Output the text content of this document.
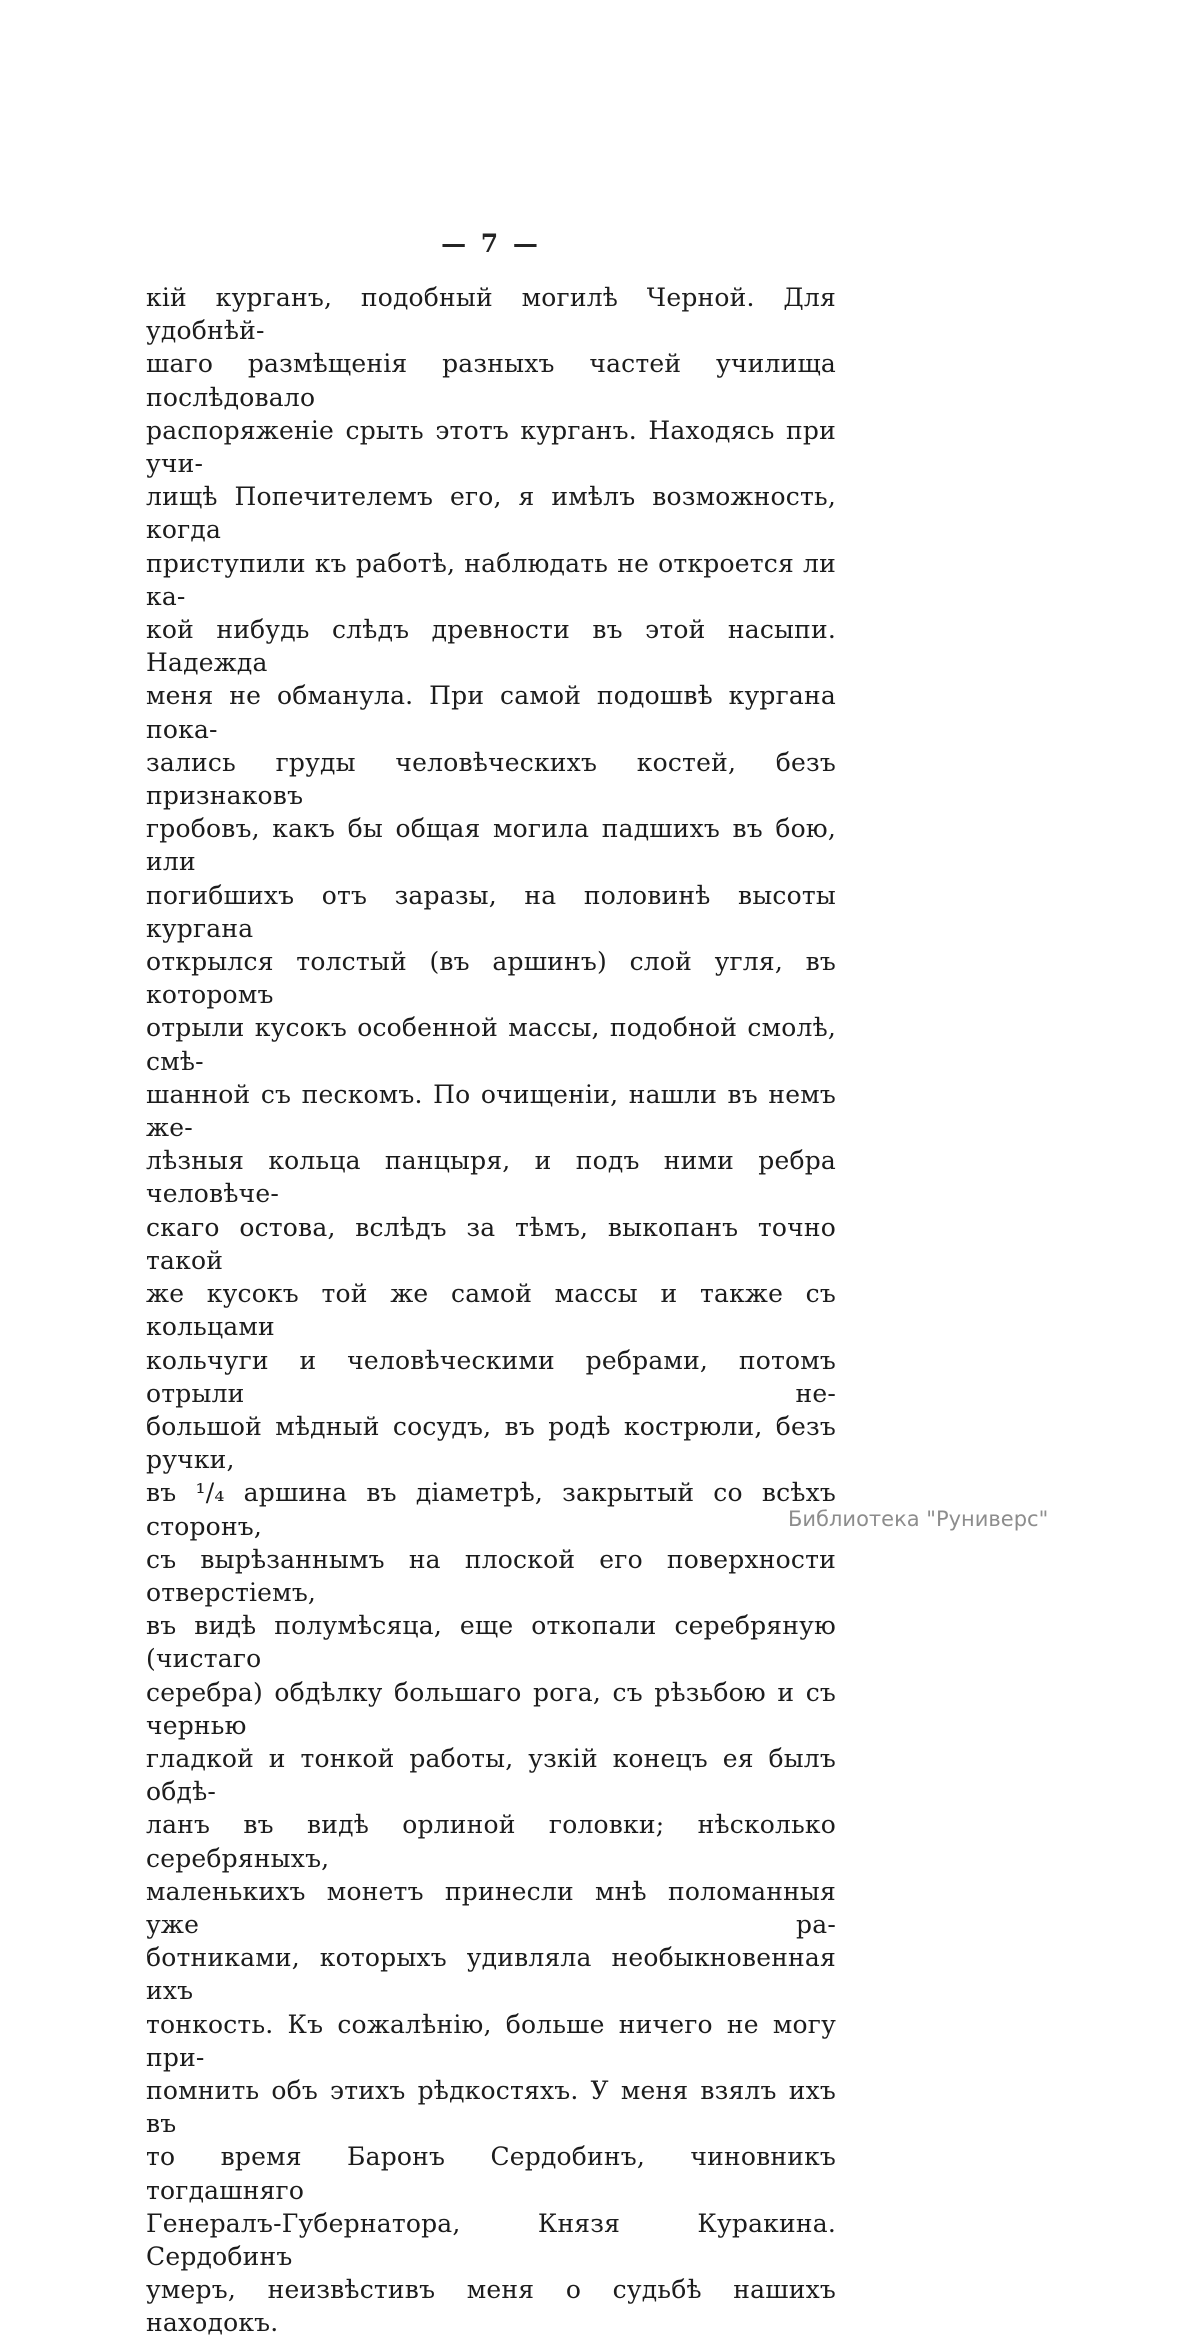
— 7 —
кій курганъ, подобный могилѣ Черной. Для удобнѣй-
шаго размѣщенія разныхъ частей училища послѣдовало
распоряженіе срыть этотъ курганъ. Находясь при учи-
лищѣ Попечителемъ его, я имѣлъ возможность, когда
приступили къ работѣ, наблюдать не откроется ли ка-
кой нибудь слѣдъ древности въ этой насыпи. Надежда
меня не обманула. При самой подошвѣ кургана пока-
зались груды человѣческихъ костей, безъ признаковъ
гробовъ, какъ бы общая могила падшихъ въ бою, или
погибшихъ отъ заразы, на половинѣ высоты кургана
открылся толстый (въ аршинъ) слой угля, въ которомъ
отрыли кусокъ особенной массы, подобной смолѣ, смѣ-
шанной съ пескомъ. По очищеніи, нашли въ немъ же-
лѣзныя кольца панцыря, и подъ ними ребра человѣче-
скаго остова, вслѣдъ за тѣмъ, выкопанъ точно такой
же кусокъ той же самой массы и также съ кольцами
кольчуги и человѣческими ребрами, потомъ отрыли не-
большой мѣдный сосудъ, въ родѣ кострюли, безъ ручки,
въ ¹/₄ аршина въ діаметрѣ, закрытый со всѣхъ сторонъ,
съ вырѣзаннымъ на плоской его поверхности отверстіемъ,
въ видѣ полумѣсяца, еще откопали серебряную (чистаго
серебра) обдѣлку большаго рога, съ рѣзьбою и съ чернью
гладкой и тонкой работы, узкій конецъ ея былъ обдѣ-
ланъ въ видѣ орлиной головки; нѣсколько серебряныхъ,
маленькихъ монетъ принесли мнѣ поломанныя уже ра-
ботниками, которыхъ удивляла необыкновенная ихъ
тонкость. Къ сожалѣнію, больше ничего не могу при-
помнить объ этихъ рѣдкостяхъ. У меня взялъ ихъ въ
то время Баронъ Сердобинъ, чиновникъ тогдашняго
Генералъ-Губернатора, Князя Куракина. Сердобинъ
умеръ, неизвѣстивъ меня о судьбѣ нашихъ находокъ.
Библиотека "Руниверс"
